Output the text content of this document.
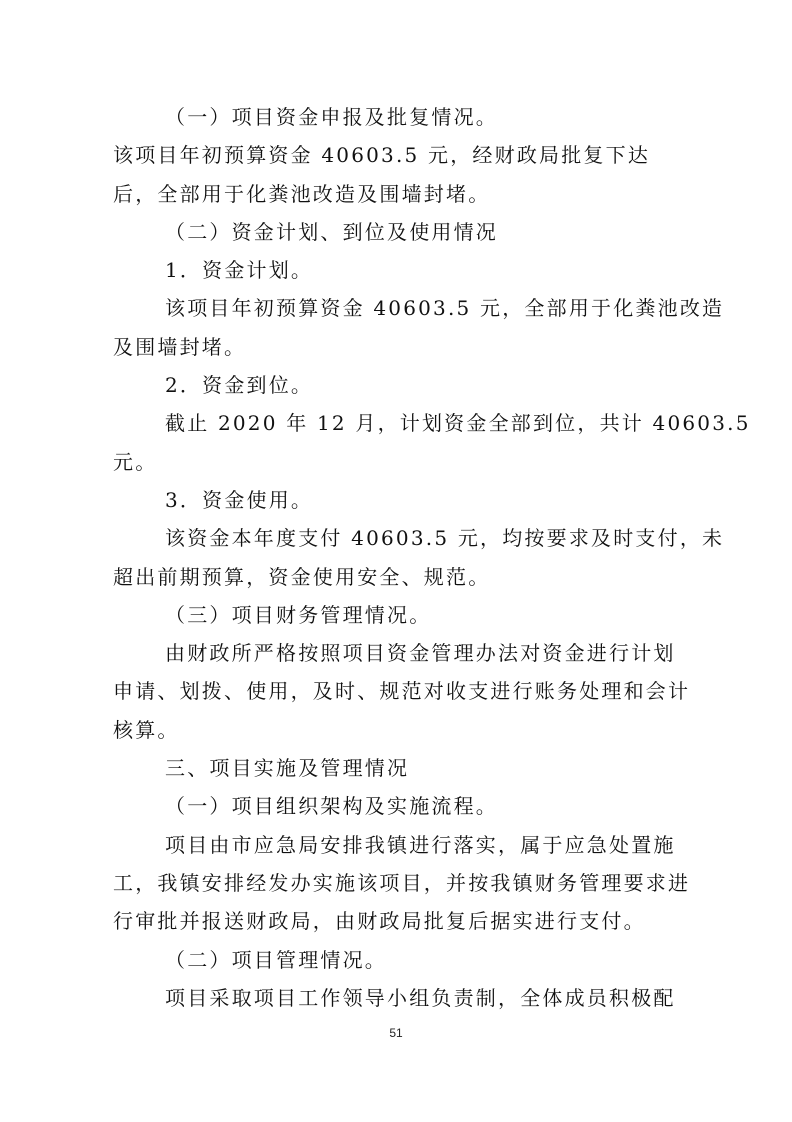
（一）项目资金申报及批复情况。

该项目年初预算资金 40603.5 元，经财政局批复下达
后，全部用于化粪池改造及围墙封堵。

（二）资金计划、到位及使用情况

1．资金计划。

该项目年初预算资金 40603.5 元，全部用于化粪池改造
及围墙封堵。

2．资金到位。

截止 2020 年 12 月，计划资金全部到位，共计 40603.5
元。

3．资金使用。

该资金本年度支付 40603.5 元，均按要求及时支付，未
超出前期预算，资金使用安全、规范。

（三）项目财务管理情况。

由财政所严格按照项目资金管理办法对资金进行计划
申请、划拨、使用，及时、规范对收支进行账务处理和会计
核算。

三、项目实施及管理情况

（一）项目组织架构及实施流程。

项目由市应急局安排我镇进行落实，属于应急处置施
工，我镇安排经发办实施该项目，并按我镇财务管理要求进
行审批并报送财政局，由财政局批复后据实进行支付。

（二）项目管理情况。

项目采取项目工作领导小组负责制，全体成员积极配

51
